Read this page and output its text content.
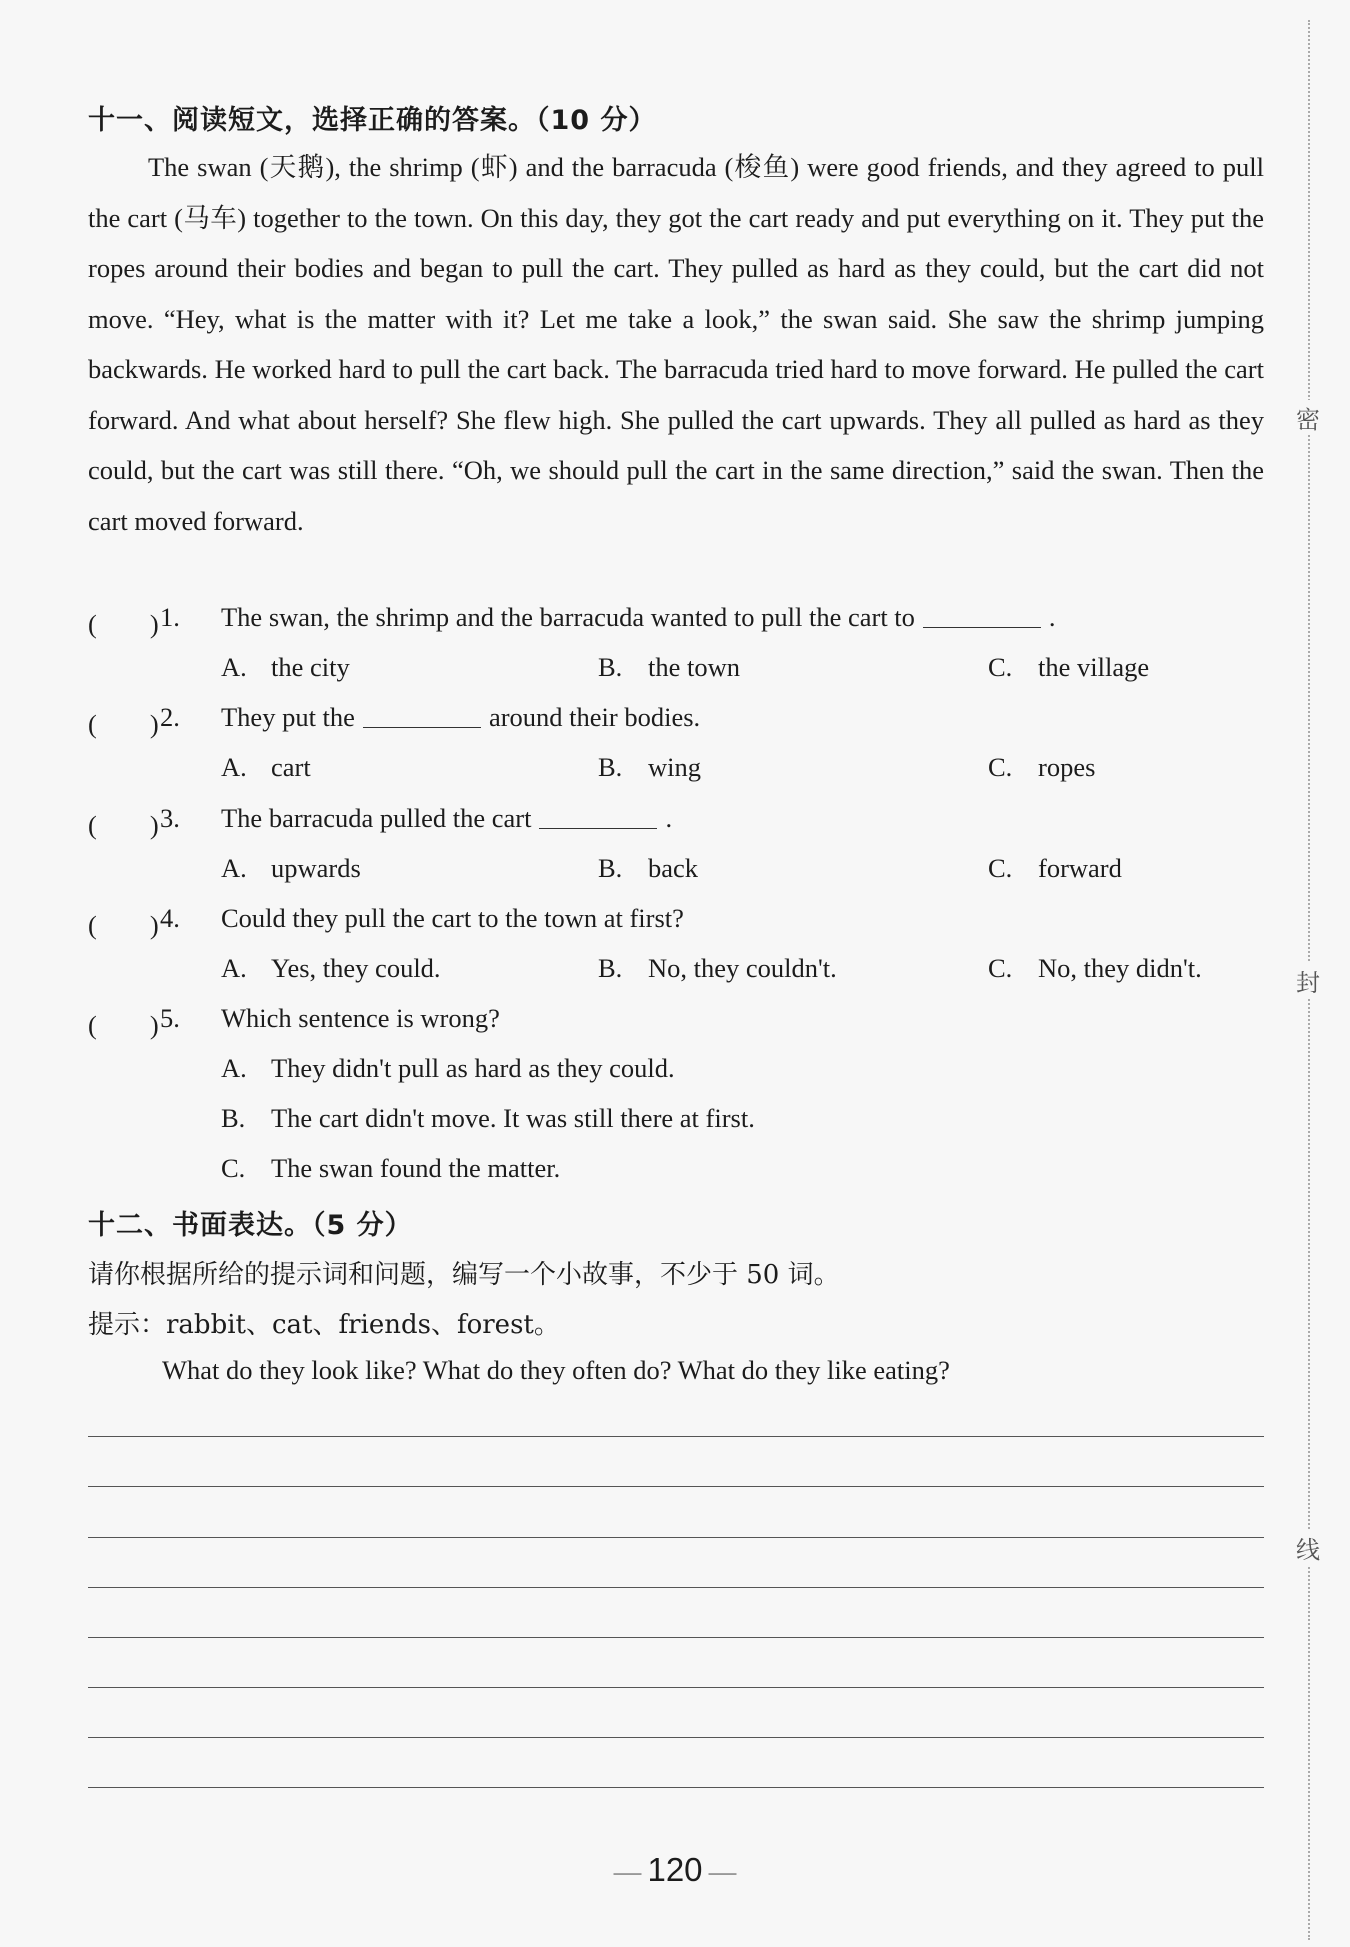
十一、阅读短文，选择正确的答案。（10 分）

The swan (天鹅), the shrimp (虾) and the barracuda (梭鱼) were good friends, and they agreed to pull the cart (马车) together to the town. On this day, they got the cart ready and put everything on it. They put the ropes around their bodies and began to pull the cart. They pulled as hard as they could, but the cart did not move. “Hey, what is the matter with it? Let me take a look,” the swan said. She saw the shrimp jumping backwards. He worked hard to pull the cart back. The barracuda tried hard to move forward. He pulled the cart forward. And what about herself? She flew high. She pulled the cart upwards. They all pulled as hard as they could, but the cart was still there. “Oh, we should pull the cart in the same direction,” said the swan. Then the cart moved forward.

(　　) 1. The swan, the shrimp and the barracuda wanted to pull the cart to	.
A. the city	B. the town	C. the village
(　　) 2. They put the	around their bodies.
A. cart	B. wing	C. ropes
(　　) 3. The barracuda pulled the cart	.
A. upwards	B. back	C. forward
(　　) 4. Could they pull the cart to the town at first?
A. Yes, they could.	B. No, they couldn't.	C. No, they didn't.
(　　) 5. Which sentence is wrong?
A. They didn't pull as hard as they could.
B. The cart didn't move. It was still there at first.
C. The swan found the matter.
十二、书面表达。（5 分）
请你根据所给的提示词和问题，编写一个小故事，不少于 50 词。
提示：rabbit、cat、friends、forest。
What do they look like? What do they often do? What do they like eating?
— 120 —
密
封
线
